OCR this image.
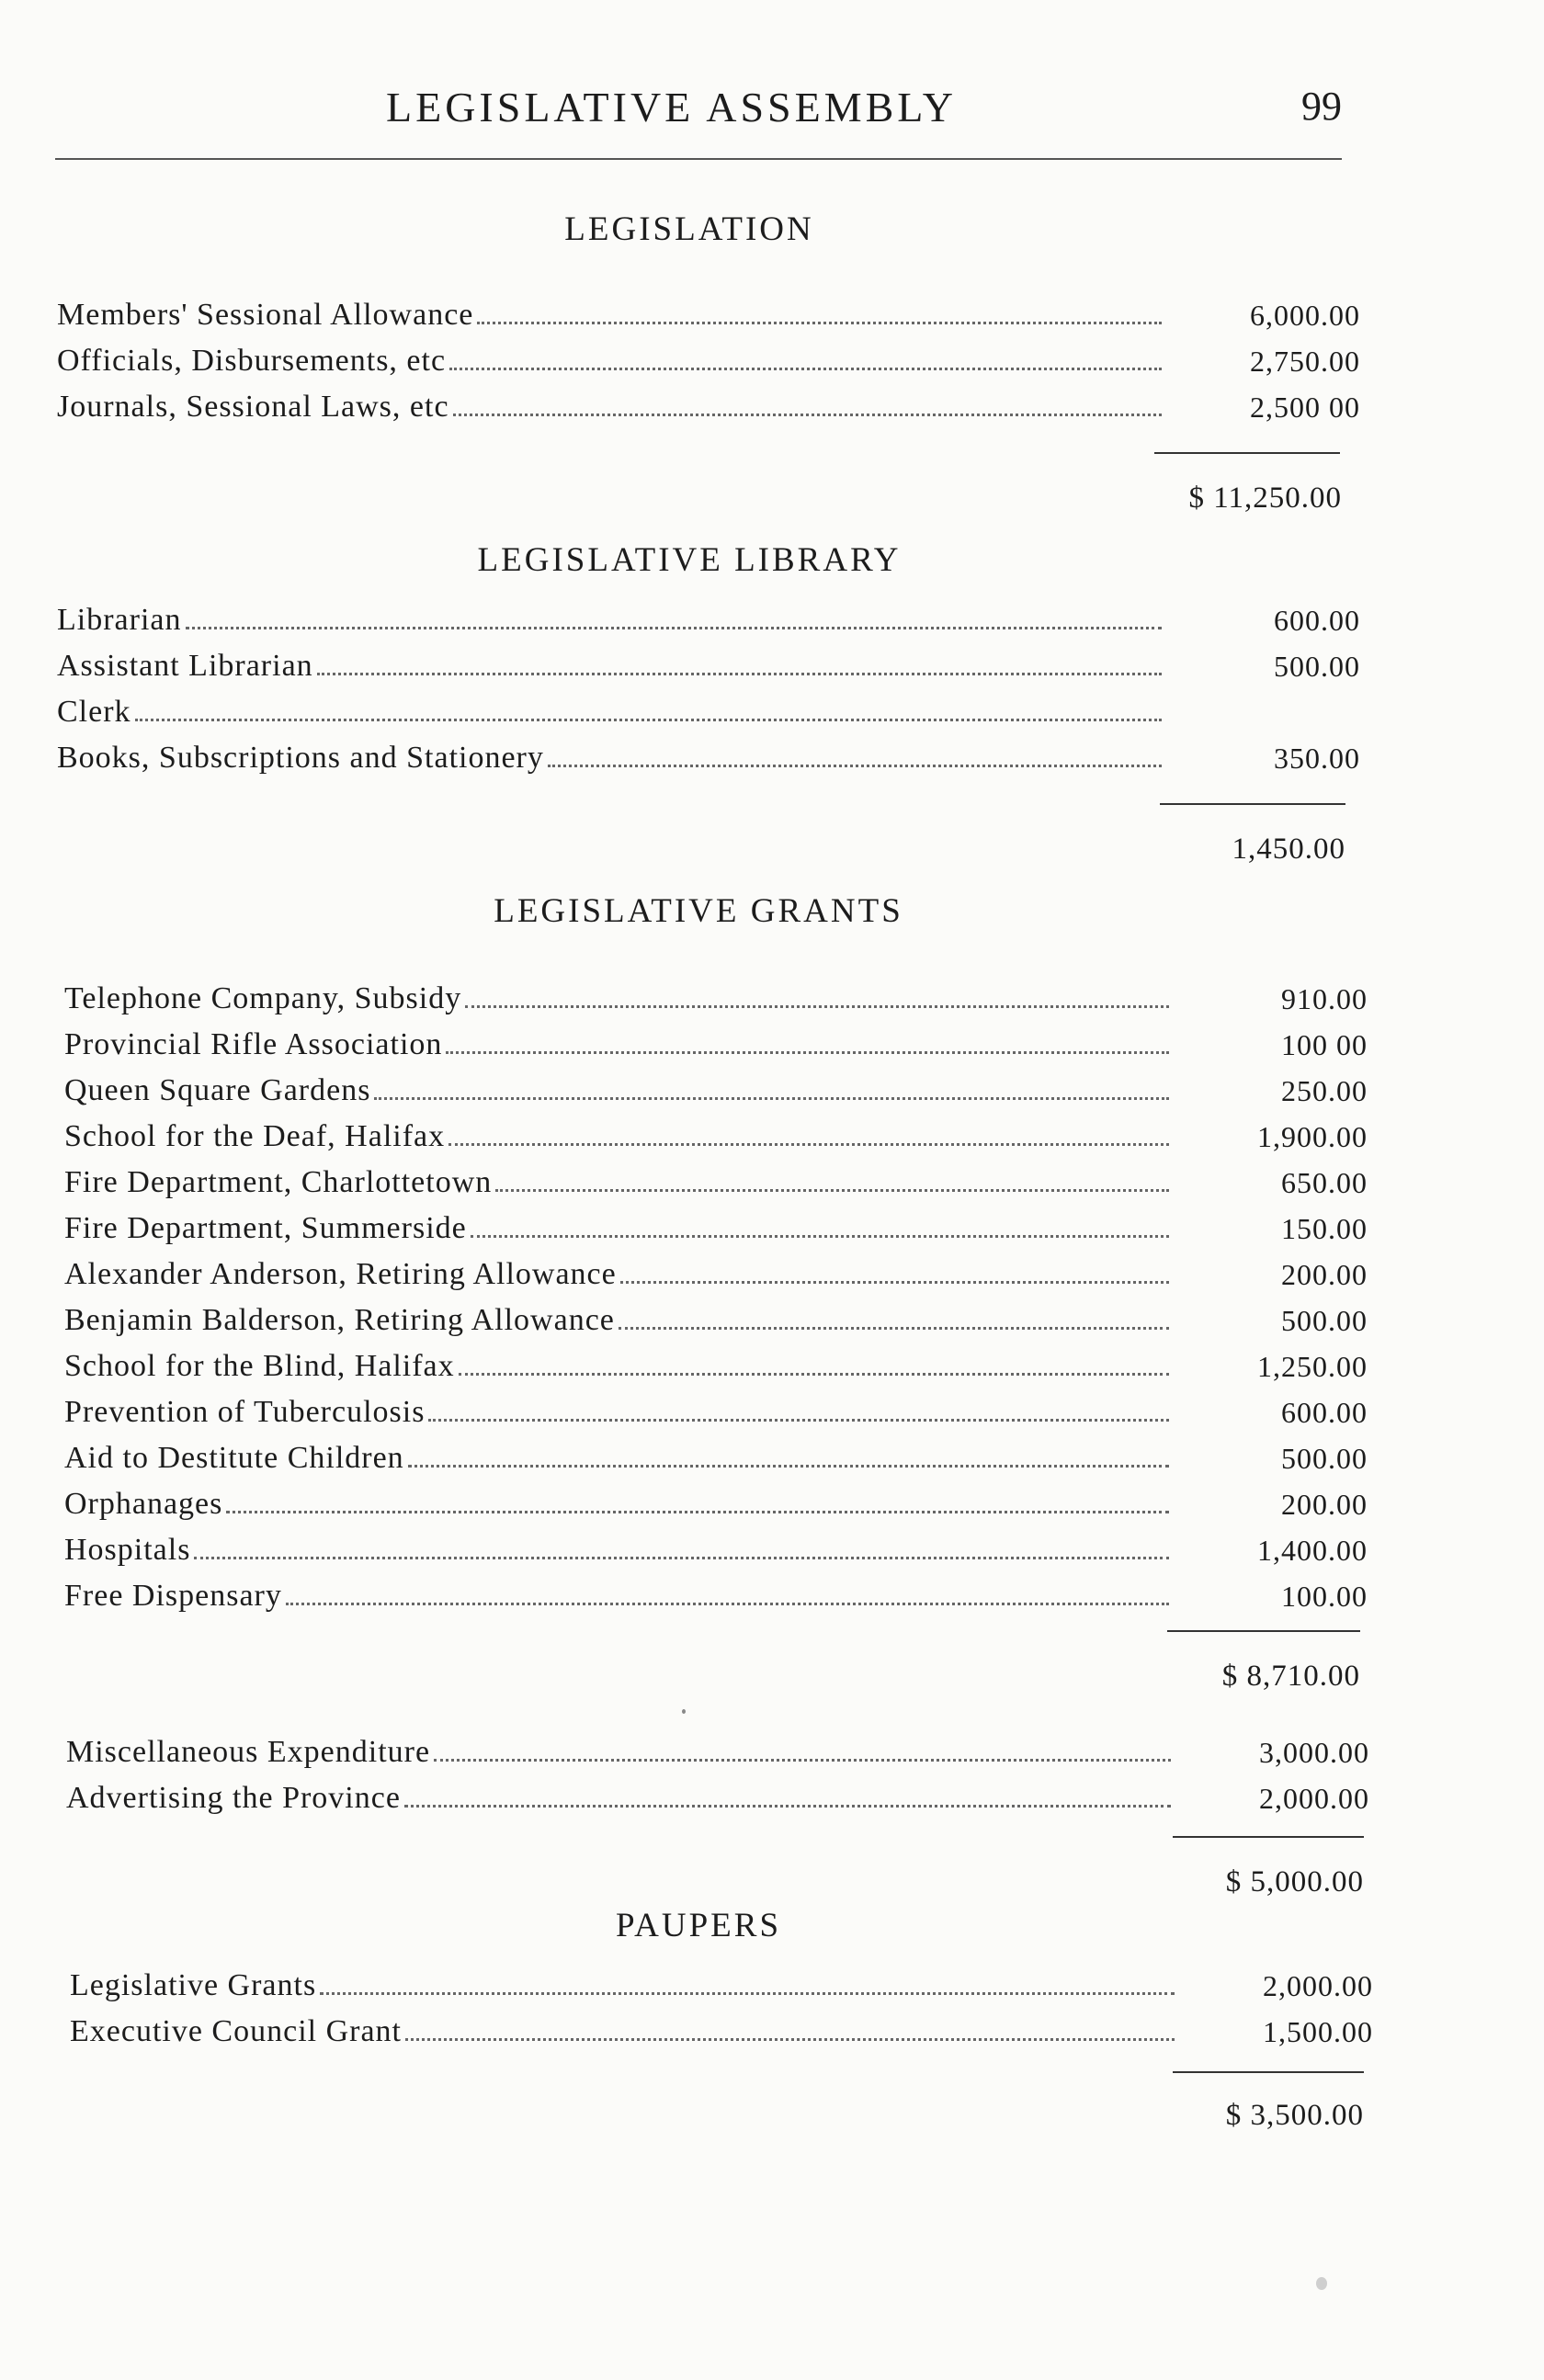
LEGISLATIVE ASSEMBLY	99
LEGISLATION
Members' Sessional Allowance	6,000.00
Officials, Disbursements, etc	2,750.00
Journals, Sessional Laws, etc	2,500 00
$ 11,250.00
LEGISLATIVE LIBRARY
Librarian	600.00
Assistant Librarian	500.00
Clerk
Books, Subscriptions and Stationery	350.00
1,450.00
LEGISLATIVE GRANTS
Telephone Company, Subsidy	910.00
Provincial Rifle Association	100 00
Queen Square Gardens	250.00
School for the Deaf, Halifax	1,900.00
Fire Department, Charlottetown	650.00
Fire Department, Summerside	150.00
Alexander Anderson, Retiring Allowance	200.00
Benjamin Balderson, Retiring Allowance	500.00
School for the Blind, Halifax	1,250.00
Prevention of Tuberculosis	600.00
Aid to Destitute Children	500.00
Orphanages	200.00
Hospitals	1,400.00
Free Dispensary	100.00
$ 8,710.00
Miscellaneous Expenditure	3,000.00
Advertising the Province	2,000.00
$ 5,000.00
PAUPERS
Legislative Grants	2,000.00
Executive Council Grant	1,500.00
$ 3,500.00
